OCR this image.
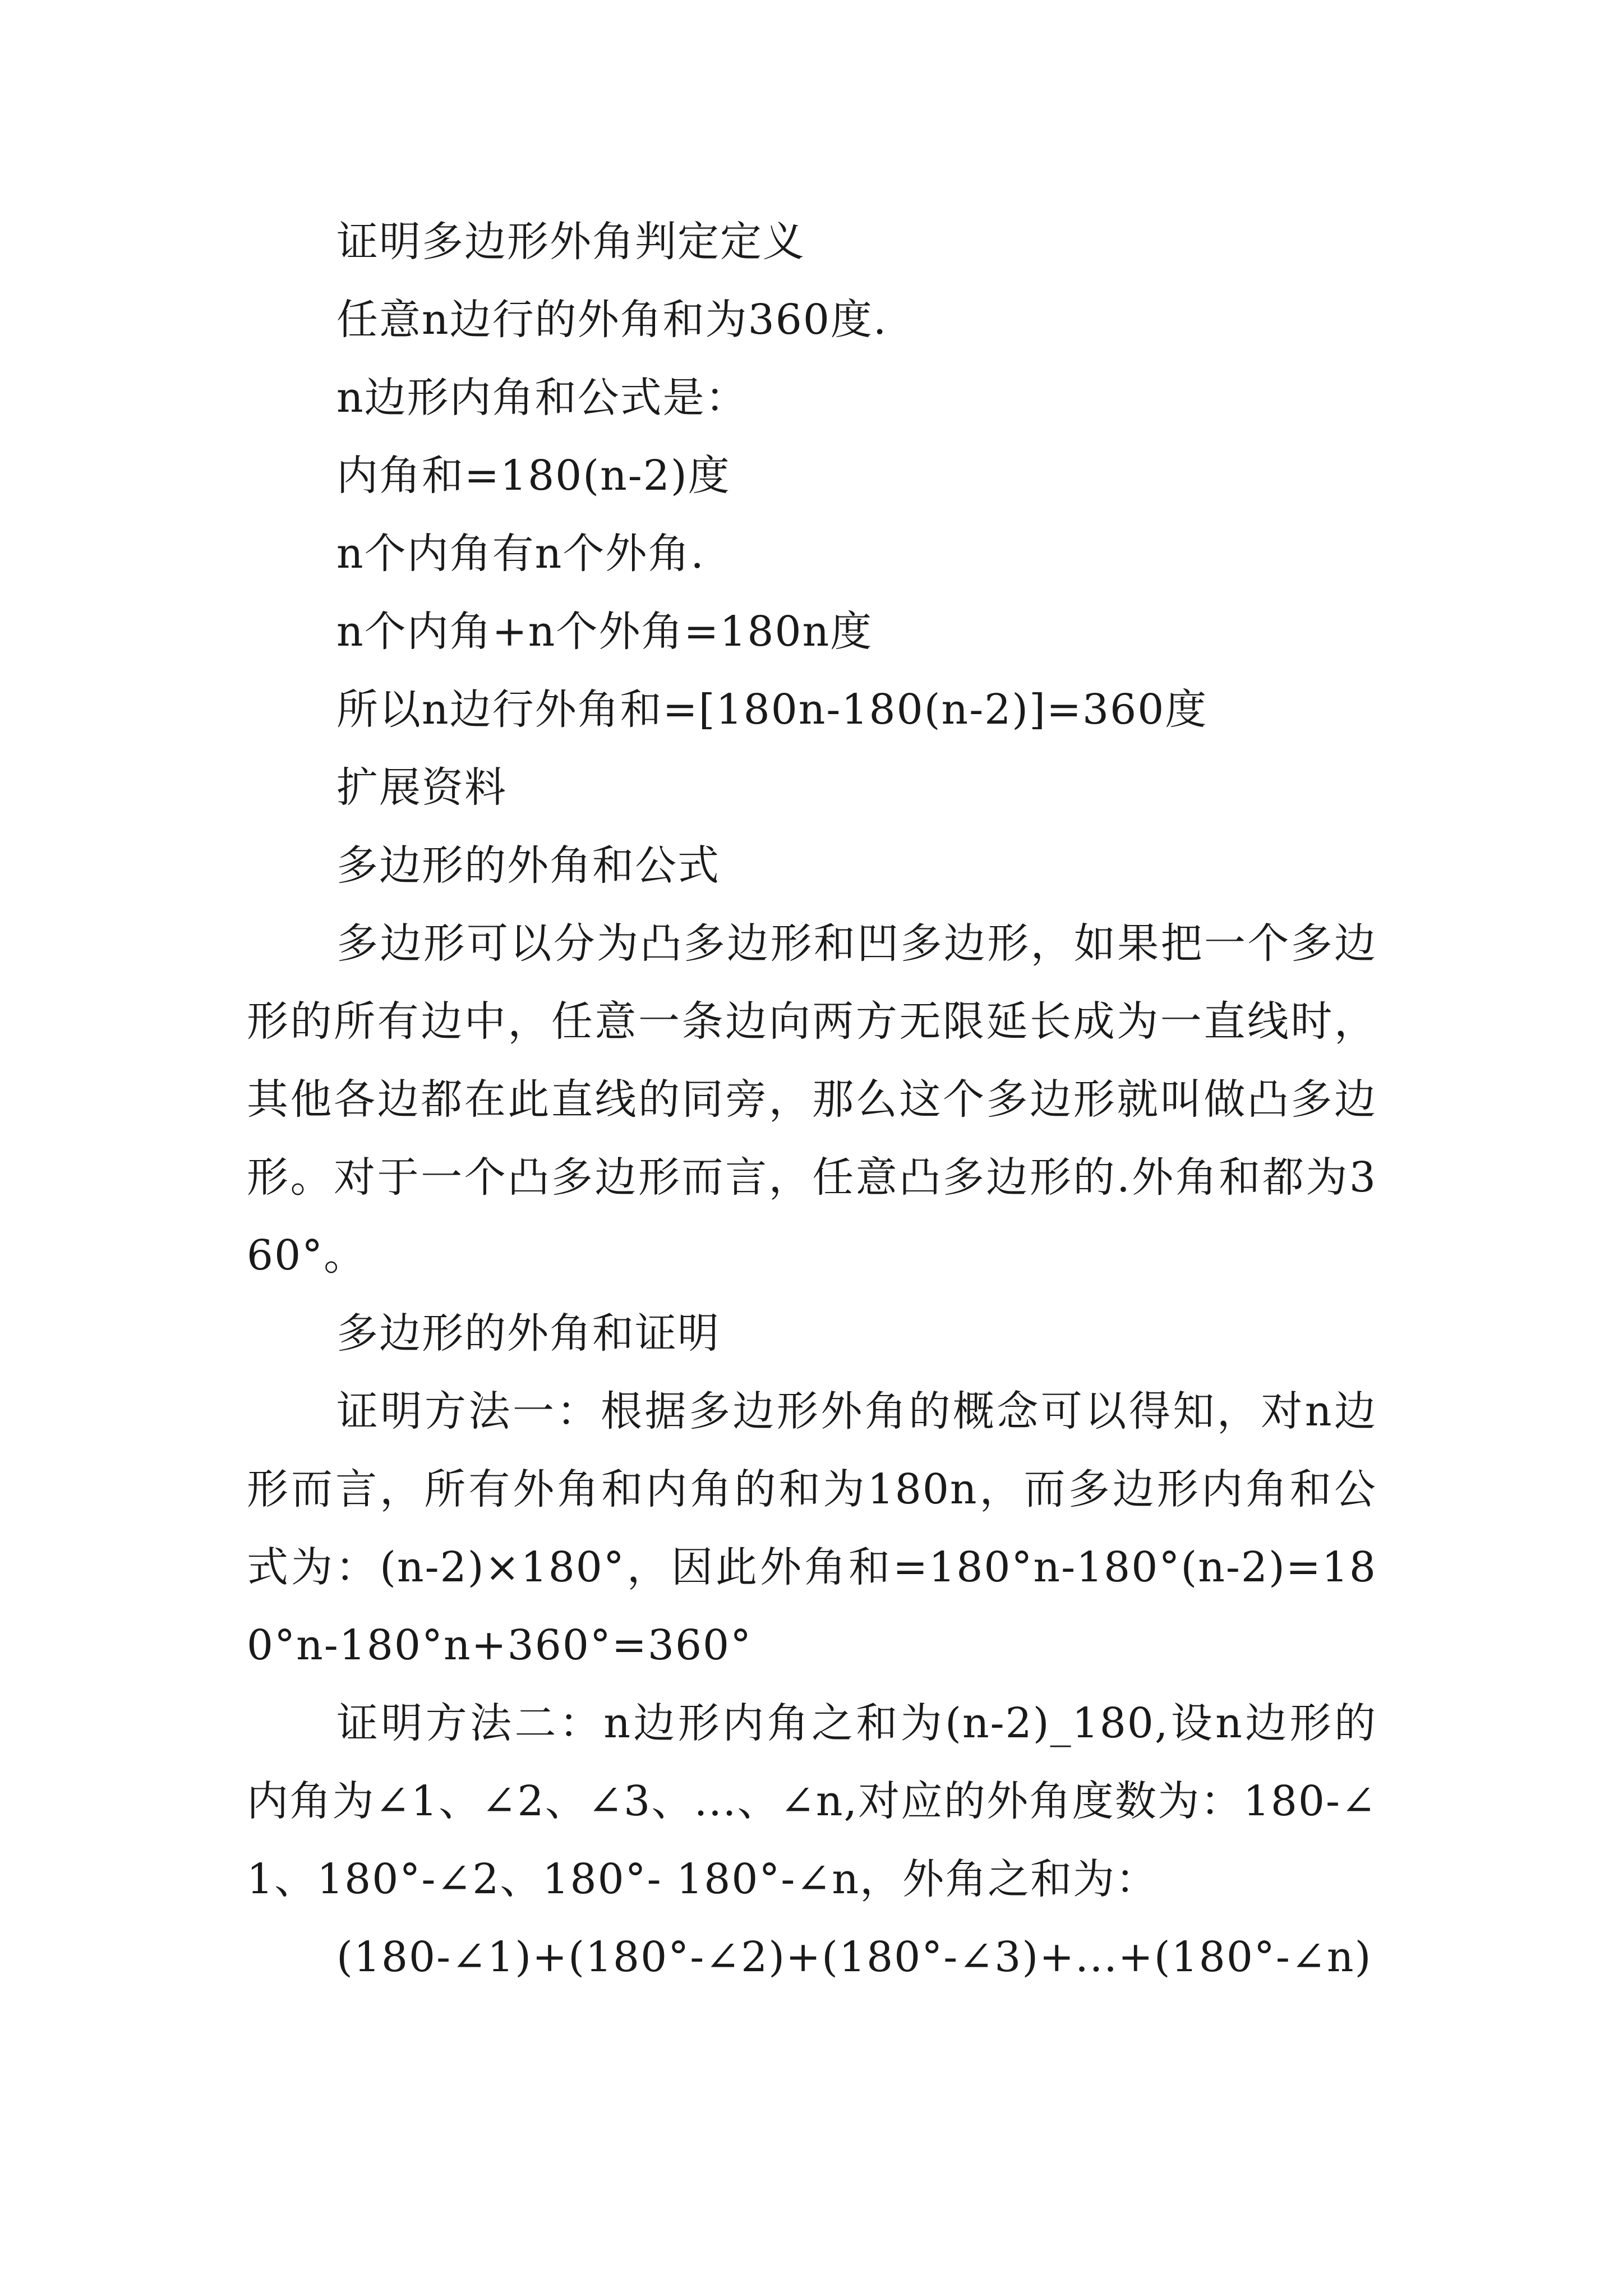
证明多边形外角判定定义

任意n边行的外角和为360度.

n边形内角和公式是：

内角和=180(n-2)度

n个内角有n个外角.

n个内角+n个外角=180n度

所以n边行外角和=[180n-180(n-2)]=360度

扩展资料

多边形的外角和公式

多边形可以分为凸多边形和凹多边形，如果把一个多边形的所有边中，任意一条边向两方无限延长成为一直线时，其他各边都在此直线的同旁，那么这个多边形就叫做凸多边形。对于一个凸多边形而言，任意凸多边形的.外角和都为360°。

多边形的外角和证明

证明方法一：根据多边形外角的概念可以得知，对n边形而言，所有外角和内角的和为180n，而多边形内角和公式为：(n-2)×180°，因此外角和=180°n-180°(n-2)=180°n-180°n+360°=360°

证明方法二：n边形内角之和为(n-2)_180,设n边形的内角为∠1、∠2、∠3、...、∠n,对应的外角度数为：180-∠1、180°-∠2、180°- 180°-∠n，外角之和为：

(180-∠1)+(180°-∠2)+(180°-∠3)+...+(180°-∠n)
